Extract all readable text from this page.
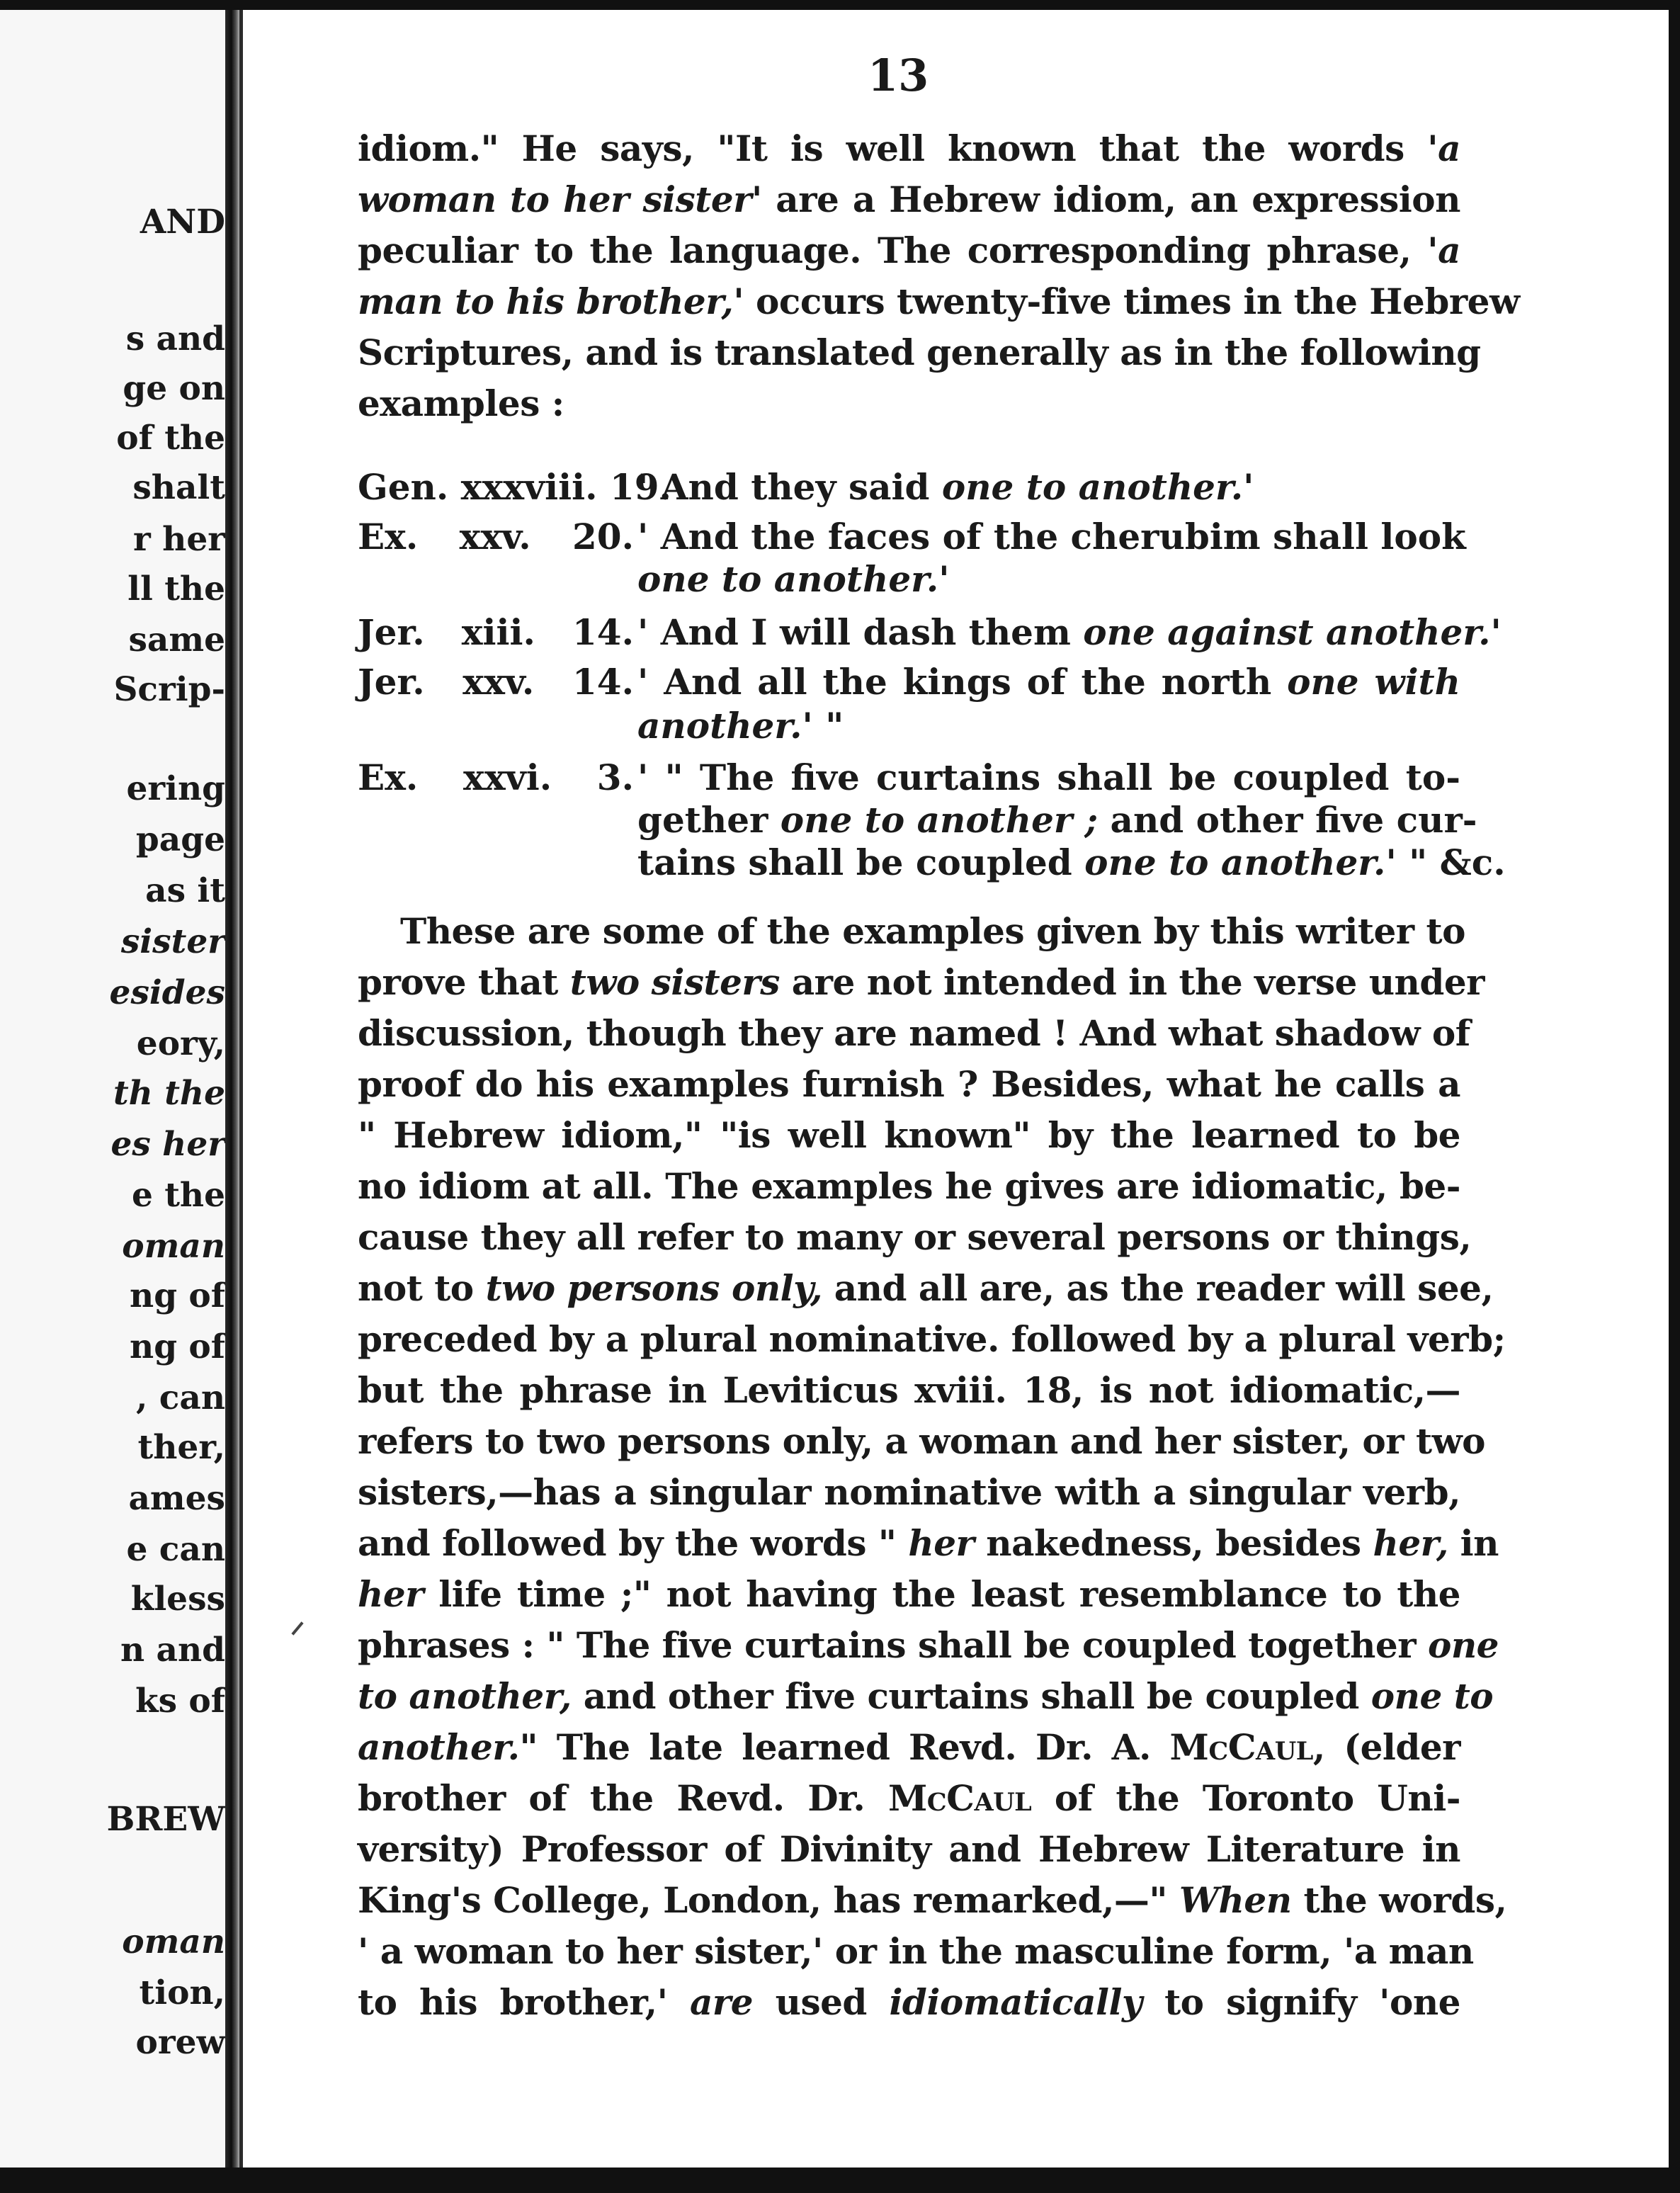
AND
s and
ge on
of the
shalt
r her
ll the
same
Scrip-
ering
page
as it
sister
esides
eory,
th the
es her
e the
oman
ng of
ng of
, can
ther,
ames
e can
kless
n and
ks of
BREW
oman
tion,
orew
13
idiom." He says, "It is well known that the words 'a
woman to her sister' are a Hebrew idiom, an expression
peculiar to the language. The corresponding phrase, 'a
man to his brother,' occurs twenty-five times in the Hebrew
Scriptures, and is translated generally as in the following
examples :
Gen. xxxviii. 19.
' And they said one to another.'
Ex. xxv. 20. ' And the faces of the cherubim shall look
one to another.'
Jer. xiii. 14. ' And I will dash them one against another.'
Jer. xxv. 14. ' And all the kings of the north one with
another.' "
Ex. xxvi. 3. ' " The five curtains shall be coupled to-
gether one to another ; and other five cur-
tains shall be coupled one to another.' " &c.
These are some of the examples given by this writer to
prove that two sisters are not intended in the verse under
discussion, though they are named ! And what shadow of
proof do his examples furnish ? Besides, what he calls a
" Hebrew idiom," "is well known" by the learned to be
no idiom at all. The examples he gives are idiomatic, be-
cause they all refer to many or several persons or things,
not to two persons only, and all are, as the reader will see,
preceded by a plural nominative. followed by a plural verb;
but the phrase in Leviticus xviii. 18, is not idiomatic,—
refers to two persons only, a woman and her sister, or two
sisters,—has a singular nominative with a singular verb,
and followed by the words " her nakedness, besides her, in
her life time ;" not having the least resemblance to the
phrases : " The five curtains shall be coupled together one
to another, and other five curtains shall be coupled one to
another." The late learned Revd. Dr. A. McCaul, (elder
brother of the Revd. Dr. McCaul of the Toronto Uni-
versity) Professor of Divinity and Hebrew Literature in
King's College, London, has remarked,—" When the words,
' a woman to her sister,' or in the masculine form, 'a man
to his brother,' are used idiomatically to signify 'one
